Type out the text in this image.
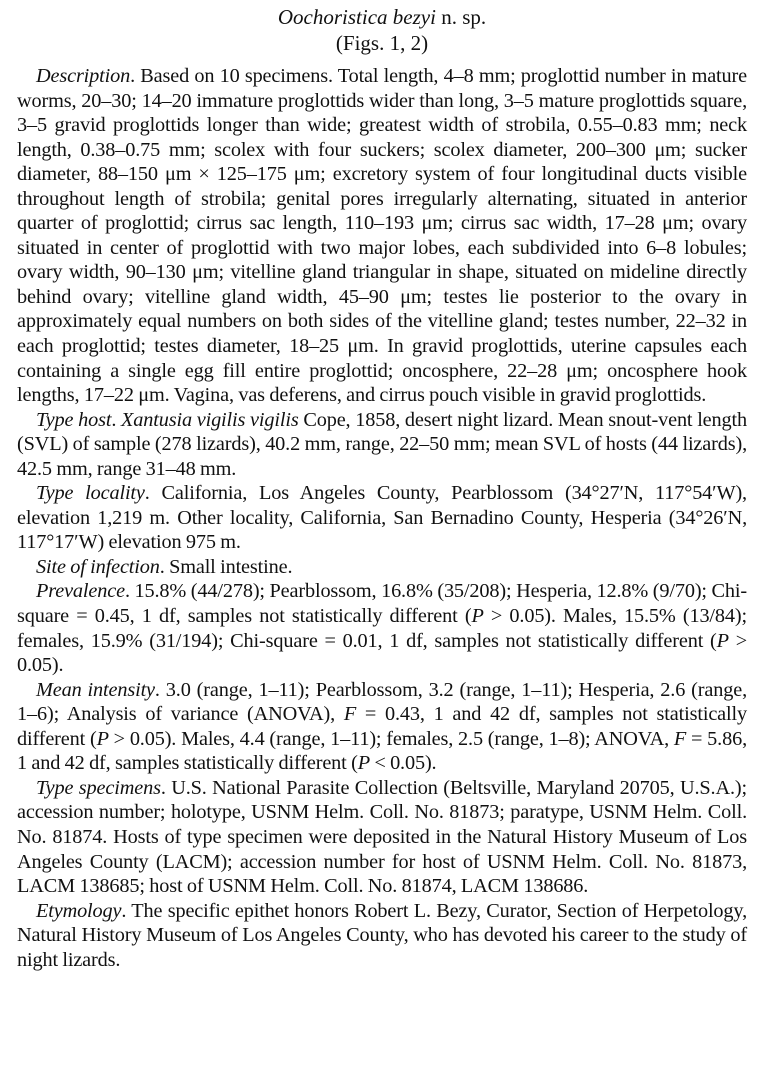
Oochoristica bezyi n. sp.
(Figs. 1, 2)

Description. Based on 10 specimens. Total length, 4–8 mm; proglottid number in mature worms, 20–30; 14–20 immature proglottids wider than long, 3–5 mature proglottids square, 3–5 gravid proglottids longer than wide; greatest width of strobila, 0.55–0.83 mm; neck length, 0.38–0.75 mm; scolex with four suckers; scolex diameter, 200–300 μm; sucker diameter, 88–150 μm × 125–175 μm; excretory system of four longitudinal ducts visible throughout length of strobila; genital pores irregularly alternating, situated in anterior quarter of proglottid; cirrus sac length, 110–193 μm; cirrus sac width, 17–28 μm; ovary situated in center of proglottid with two major lobes, each subdivided into 6–8 lobules; ovary width, 90–130 μm; vitelline gland triangular in shape, situated on mideline directly behind ovary; vitelline gland width, 45–90 μm; testes lie posterior to the ovary in approximately equal numbers on both sides of the vitelline gland; testes number, 22–32 in each proglottid; testes diameter, 18–25 μm. In gravid proglottids, uterine capsules each containing a single egg fill entire proglottid; oncosphere, 22–28 μm; oncosphere hook lengths, 17–22 μm. Vagina, vas deferens, and cirrus pouch visible in gravid proglottids.

Type host. Xantusia vigilis vigilis Cope, 1858, desert night lizard. Mean snout-vent length (SVL) of sample (278 lizards), 40.2 mm, range, 22–50 mm; mean SVL of hosts (44 lizards), 42.5 mm, range 31–48 mm.

Type locality. California, Los Angeles County, Pearblossom (34°27′N, 117°54′W), elevation 1,219 m. Other locality, California, San Bernadino County, Hesperia (34°26′N, 117°17′W) elevation 975 m.

Site of infection. Small intestine.

Prevalence. 15.8% (44/278); Pearblossom, 16.8% (35/208); Hesperia, 12.8% (9/70); Chi-square = 0.45, 1 df, samples not statistically different (P > 0.05). Males, 15.5% (13/84); females, 15.9% (31/194); Chi-square = 0.01, 1 df, samples not statistically different (P > 0.05).

Mean intensity. 3.0 (range, 1–11); Pearblossom, 3.2 (range, 1–11); Hesperia, 2.6 (range, 1–6); Analysis of variance (ANOVA), F = 0.43, 1 and 42 df, samples not statistically different (P > 0.05). Males, 4.4 (range, 1–11); females, 2.5 (range, 1–8); ANOVA, F = 5.86, 1 and 42 df, samples statistically different (P < 0.05).

Type specimens. U.S. National Parasite Collection (Beltsville, Maryland 20705, U.S.A.); accession number; holotype, USNM Helm. Coll. No. 81873; paratype, USNM Helm. Coll. No. 81874. Hosts of type specimen were deposited in the Natural History Museum of Los Angeles County (LACM); accession number for host of USNM Helm. Coll. No. 81873, LACM 138685; host of USNM Helm. Coll. No. 81874, LACM 138686.

Etymology. The specific epithet honors Robert L. Bezy, Curator, Section of Herpetology, Natural History Museum of Los Angeles County, who has devoted his career to the study of night lizards.
